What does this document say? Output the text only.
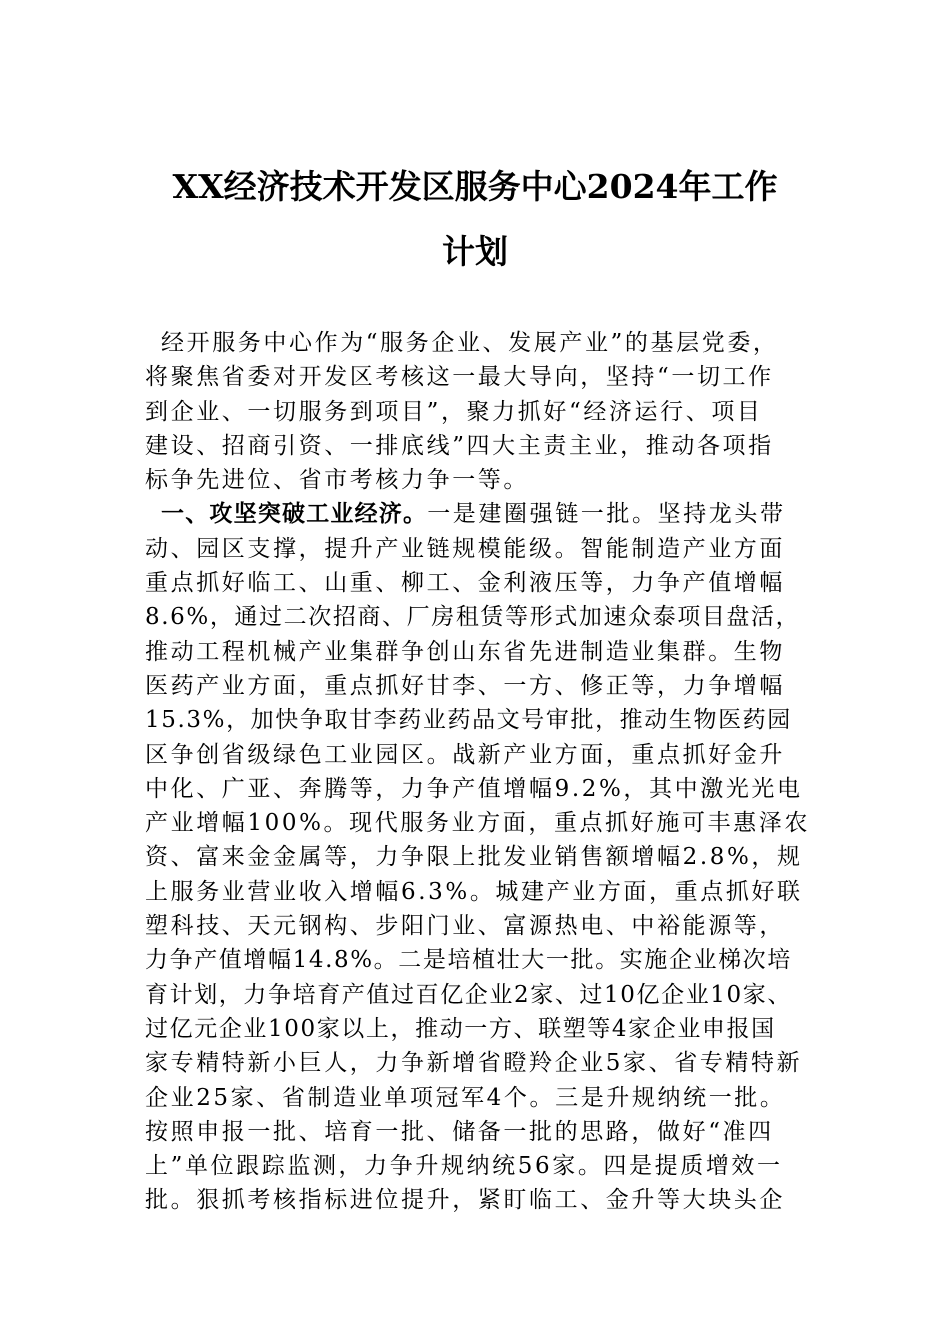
XX经济技术开发区服务中心2024年工作
计划
经开服务中心作为“服务企业、发展产业”的基层党委，
将聚焦省委对开发区考核这一最大导向，坚持“一切工作
到企业、一切服务到项目”，聚力抓好“经济运行、项目
建设、招商引资、一排底线”四大主责主业，推动各项指
标争先进位、省市考核力争一等。
一、攻坚突破工业经济。一是建圈强链一批。坚持龙头带
动、园区支撑，提升产业链规模能级。智能制造产业方面
重点抓好临工、山重、柳工、金利液压等，力争产值增幅
8.6%，通过二次招商、厂房租赁等形式加速众泰项目盘活，
推动工程机械产业集群争创山东省先进制造业集群。生物
医药产业方面，重点抓好甘李、一方、修正等，力争增幅
15.3%，加快争取甘李药业药品文号审批，推动生物医药园
区争创省级绿色工业园区。战新产业方面，重点抓好金升
中化、广亚、奔腾等，力争产值增幅9.2%，其中激光光电
产业增幅100%。现代服务业方面，重点抓好施可丰惠泽农
资、富来金金属等，力争限上批发业销售额增幅2.8%，规
上服务业营业收入增幅6.3%。城建产业方面，重点抓好联
塑科技、天元钢构、步阳门业、富源热电、中裕能源等，
力争产值增幅14.8%。二是培植壮大一批。实施企业梯次培
育计划，力争培育产值过百亿企业2家、过10亿企业10家、
过亿元企业100家以上，推动一方、联塑等4家企业申报国
家专精特新小巨人，力争新增省瞪羚企业5家、省专精特新
企业25家、省制造业单项冠军4个。三是升规纳统一批。
按照申报一批、培育一批、储备一批的思路，做好“准四
上”单位跟踪监测，力争升规纳统56家。四是提质增效一
批。狠抓考核指标进位提升，紧盯临工、金升等大块头企
